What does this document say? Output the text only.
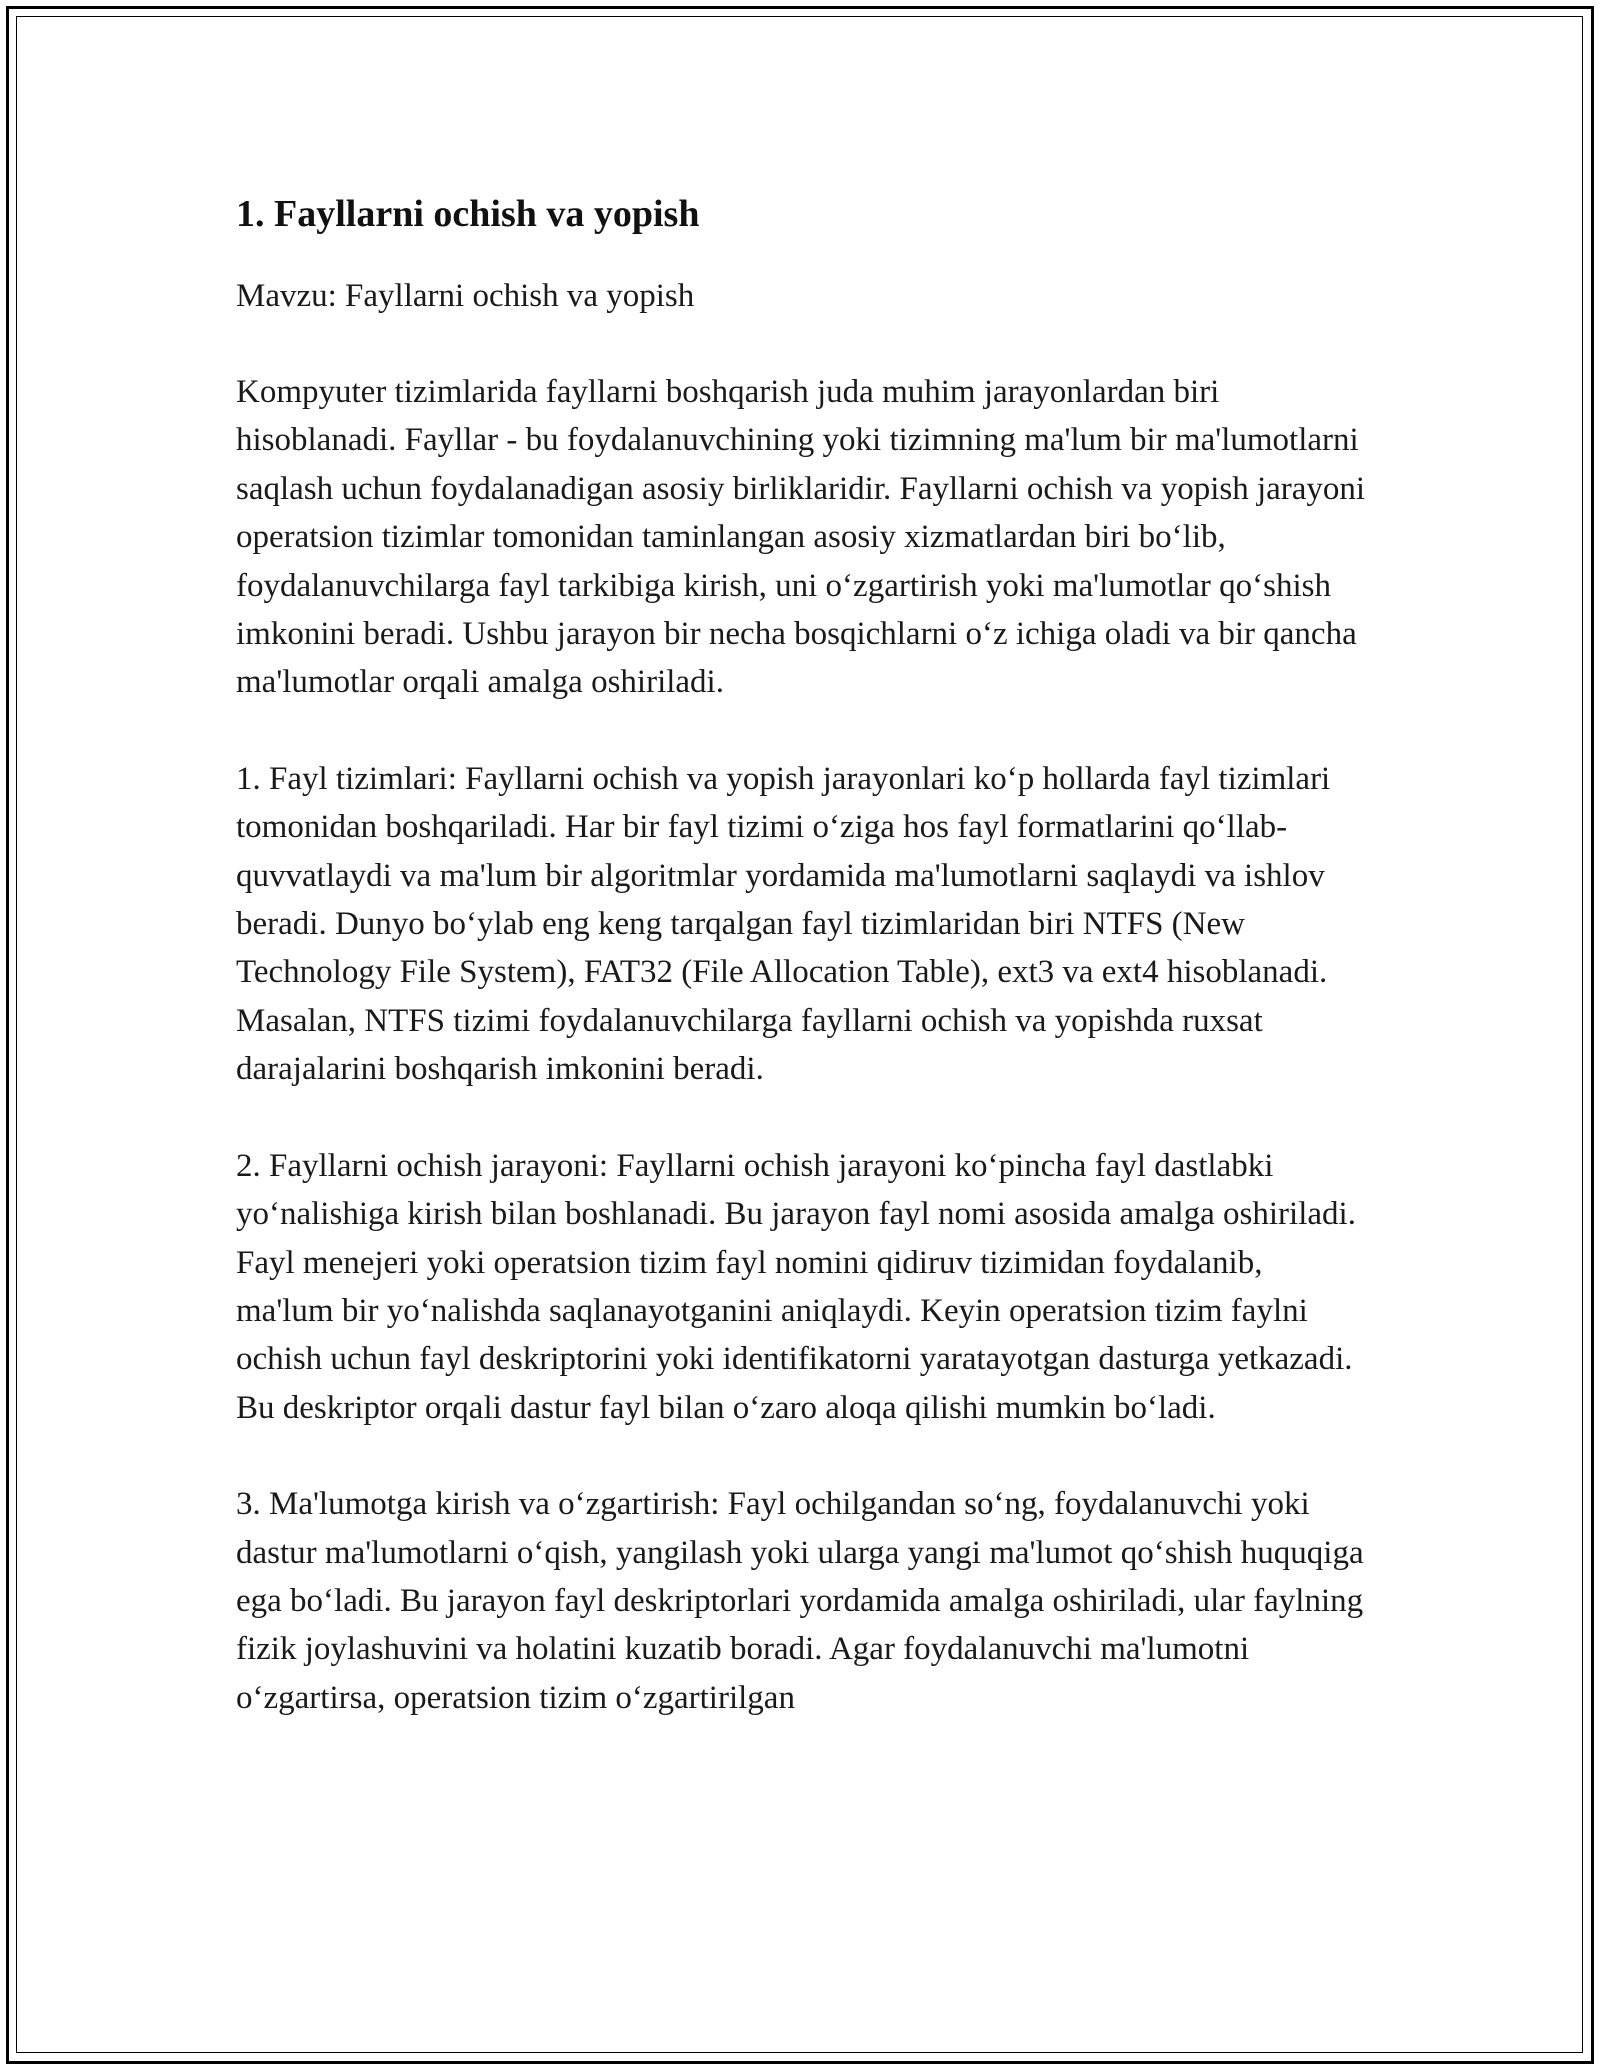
1. Fayllarni ochish va yopish

Mavzu: Fayllarni ochish va yopish

Kompyuter tizimlarida fayllarni boshqarish juda muhim jarayonlardan biri hisoblanadi. Fayllar - bu foydalanuvchining yoki tizimning ma'lum bir ma'lumotlarni saqlash uchun foydalanadigan asosiy birliklaridir. Fayllarni ochish va yopish jarayoni operatsion tizimlar tomonidan taminlangan asosiy xizmatlardan biri bo‘lib, foydalanuvchilarga fayl tarkibiga kirish, uni o‘zgartirish yoki ma'lumotlar qo‘shish imkonini beradi. Ushbu jarayon bir necha bosqichlarni o‘z ichiga oladi va bir qancha ma'lumotlar orqali amalga oshiriladi.

1. Fayl tizimlari: Fayllarni ochish va yopish jarayonlari ko‘p hollarda fayl tizimlari tomonidan boshqariladi. Har bir fayl tizimi o‘ziga hos fayl formatlarini qo‘llab-quvvatlaydi va ma'lum bir algoritmlar yordamida ma'lumotlarni saqlaydi va ishlov beradi. Dunyo bo‘ylab eng keng tarqalgan fayl tizimlaridan biri NTFS (New Technology File System), FAT32 (File Allocation Table), ext3 va ext4 hisoblanadi. Masalan, NTFS tizimi foydalanuvchilarga fayllarni ochish va yopishda ruxsat darajalarini boshqarish imkonini beradi.

2. Fayllarni ochish jarayoni: Fayllarni ochish jarayoni ko‘pincha fayl dastlabki yo‘nalishiga kirish bilan boshlanadi. Bu jarayon fayl nomi asosida amalga oshiriladi. Fayl menejeri yoki operatsion tizim fayl nomini qidiruv tizimidan foydalanib, ma'lum bir yo‘nalishda saqlanayotganini aniqlaydi. Keyin operatsion tizim faylni ochish uchun fayl deskriptorini yoki identifikatorni yaratayotgan dasturga yetkazadi. Bu deskriptor orqali dastur fayl bilan o‘zaro aloqa qilishi mumkin bo‘ladi.

3. Ma'lumotga kirish va o‘zgartirish: Fayl ochilgandan so‘ng, foydalanuvchi yoki dastur ma'lumotlarni o‘qish, yangilash yoki ularga yangi ma'lumot qo‘shish huquqiga ega bo‘ladi. Bu jarayon fayl deskriptorlari yordamida amalga oshiriladi, ular faylning fizik joylashuvini va holatini kuzatib boradi. Agar foydalanuvchi ma'lumotni o‘zgartirsa, operatsion tizim o‘zgartirilgan
